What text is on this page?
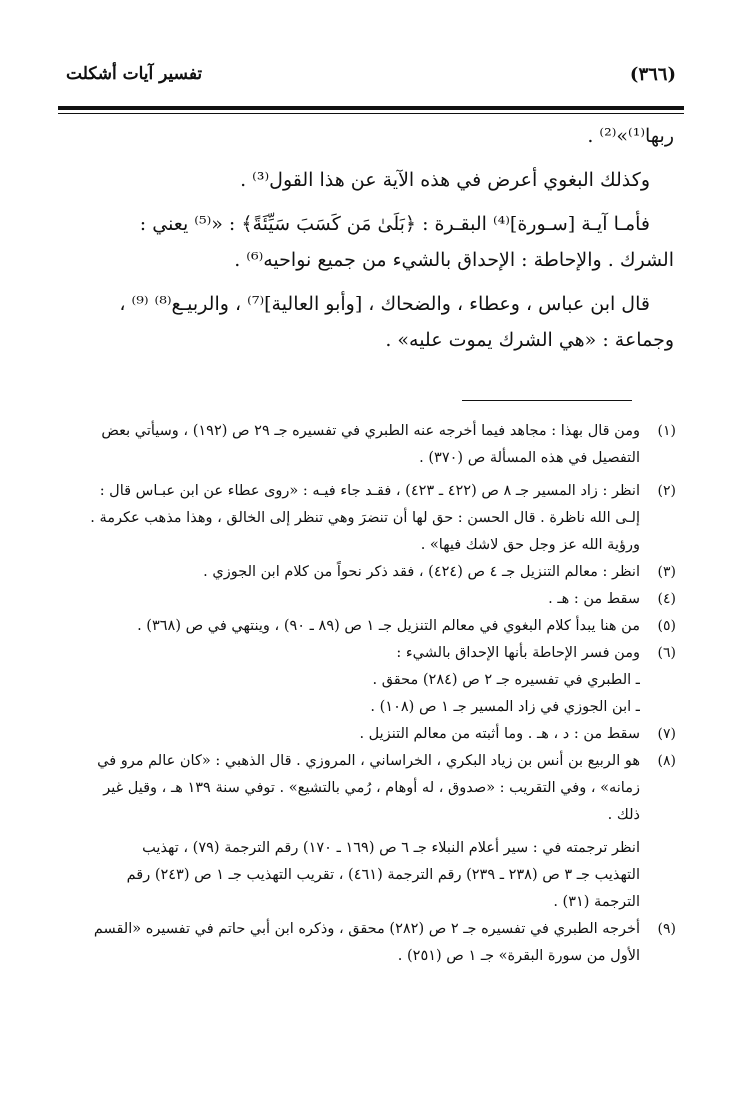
(٣٦٦)
تفسير آيات أشكلت
ربها⁽¹⁾»⁽²⁾ .
وكذلك البغوي أعرض في هذه الآية عن هذا القول⁽³⁾ .
فأمـا آيـة [سـورة]⁽⁴⁾ البقـرة : ﴿بَلَىٰ مَن كَسَبَ سَيِّئَةً﴾ : «⁽⁵⁾ يعني :
الشرك . والإحاطة : الإحداق بالشيء من جميع نواحيه⁽⁶⁾ .
قال ابن عباس ، وعطاء ، والضحاك ، [وأبو العالية]⁽⁷⁾ ، والربيـع⁽⁸⁾ ⁽⁹⁾ ،
وجماعة : «هي الشرك يموت عليه» .
(١)
ومن قال بهذا : مجاهد فيما أخرجه عنه الطبري في تفسيره جـ ٢٩ ص (١٩٢) ، وسيأتي بعض
التفصيل في هذه المسألة ص (٣٧٠) .
(٢)
انظر : زاد المسير جـ ٨ ص (٤٢٢ ـ ٤٢٣) ، فقـد جاء فيـه : «روى عطاء عن ابن عبـاس قال :
إلـى الله ناظرة . قال الحسن : حق لها أن تنضرَ وهي تنظر إلى الخالق ، وهذا مذهب عكرمة .
ورؤية الله عز وجل حق لاشك فيها» .
(٣)
انظر : معالم التنزيل جـ ٤ ص (٤٢٤) ، فقد ذكر نحواً من كلام ابن الجوزي .
(٤)
سقط من : هـ .
(٥)
من هنا يبدأ كلام البغوي في معالم التنزيل جـ ١ ص (٨٩ ـ ٩٠) ، وينتهي في ص (٣٦٨) .
(٦)
ومن فسر الإحاطة بأنها الإحداق بالشيء :
ـ الطبري في تفسيره جـ ٢ ص (٢٨٤) محقق .
ـ ابن الجوزي في زاد المسير جـ ١ ص (١٠٨) .
(٧)
سقط من : د ، هـ . وما أثبته من معالم التنزيل .
(٨)
هو الربيع بن أنس بن زياد البكري ، الخراساني ، المروزي . قال الذهبي : «كان عالم مرو في
زمانه» ، وفي التقريب : «صدوق ، له أوهام ، رُمي بالتشيع» . توفي سنة ١٣٩ هـ ، وقيل غير
ذلك .
انظر ترجمته في : سير أعلام النبلاء جـ ٦ ص (١٦٩ ـ ١٧٠) رقم الترجمة (٧٩) ، تهذيب
التهذيب جـ ٣ ص (٢٣٨ ـ ٢٣٩) رقم الترجمة (٤٦١) ، تقريب التهذيب جـ ١ ص (٢٤٣) رقم
الترجمة (٣١) .
(٩)
أخرجه الطبري في تفسيره جـ ٢ ص (٢٨٢) محقق ، وذكره ابن أبي حاتم في تفسيره «القسم
الأول من سورة البقرة» جـ ١ ص (٢٥١) .
